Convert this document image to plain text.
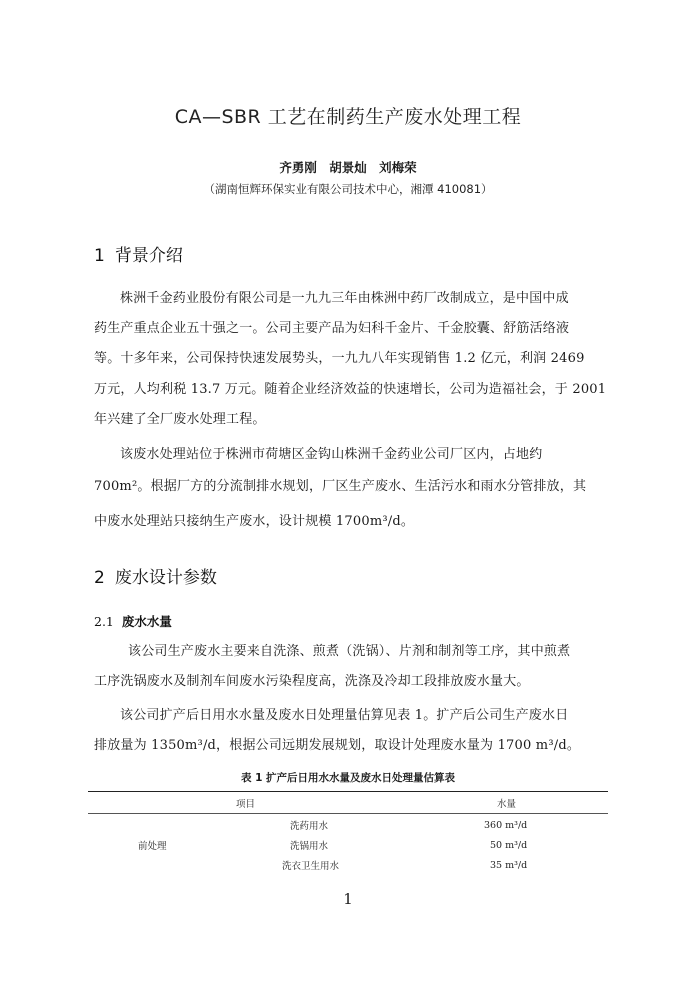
CA—SBR 工艺在制药生产废水处理工程
齐勇刚 胡景灿 刘梅荣
（湖南恒辉环保实业有限公司技术中心，湘潭 410081）
1 背景介绍
株洲千金药业股份有限公司是一九九三年由株洲中药厂改制成立，是中国中成
药生产重点企业五十强之一。公司主要产品为妇科千金片、千金胶囊、舒筋活络液
等。十多年来，公司保持快速发展势头，一九九八年实现销售 1.2 亿元，利润 2469
万元，人均利税 13.7 万元。随着企业经济效益的快速增长，公司为造福社会，于 2001
年兴建了全厂废水处理工程。
该废水处理站位于株洲市荷塘区金钩山株洲千金药业公司厂区内，占地约
700m²。根据厂方的分流制排水规划，厂区生产废水、生活污水和雨水分管排放，其
中废水处理站只接纳生产废水，设计规模 1700m³/d。
2 废水设计参数
2.1 废水水量
该公司生产废水主要来自洗涤、煎煮（洗锅）、片剂和制剂等工序，其中煎煮
工序洗锅废水及制剂车间废水污染程度高，洗涤及冷却工段排放废水量大。
该公司扩产后日用水水量及废水日处理量估算见表 1。扩产后公司生产废水日
排放量为 1350m³/d，根据公司远期发展规划，取设计处理废水量为 1700 m³/d。
表 1 扩产后日用水水量及废水日处理量估算表
项目	水量
前处理
洗药用水	360 m³/d
洗锅用水	50 m³/d
洗衣卫生用水	35 m³/d
1
